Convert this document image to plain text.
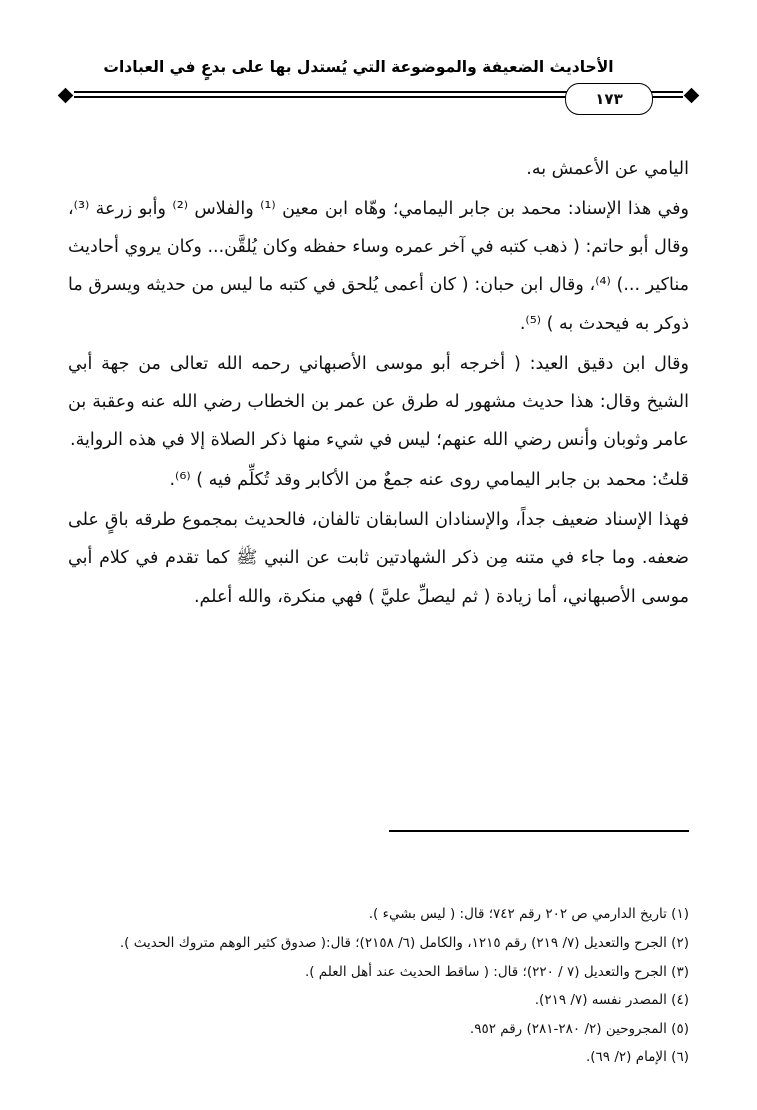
الأحاديث الضعيفة والموضوعة التي يُستدل بها على بدعٍ في العبادات
١٧٣

اليامي عن الأعمش به.

وفي هذا الإسناد: محمد بن جابر اليمامي؛ وهّاه ابن معين ⁽¹⁾ والفلاس ⁽²⁾ وأبو زرعة ⁽³⁾، وقال أبو حاتم: ( ذهب كتبه في آخر عمره وساء حفظه وكان يُلقَّن... وكان يروي أحاديث مناكير ...) ⁽⁴⁾، وقال ابن حبان: ( كان أعمى يُلحق في كتبه ما ليس من حديثه ويسرق ما ذوكر به فيحدث به ) ⁽⁵⁾.

وقال ابن دقيق العيد: ( أخرجه أبو موسى الأصبهاني رحمه الله تعالى من جهة أبي الشيخ وقال: هذا حديث مشهور له طرق عن عمر بن الخطاب رضي الله عنه وعقبة بن عامر وثوبان وأنس رضي الله عنهم؛ ليس في شيء منها ذكر الصلاة إلا في هذه الرواية.

قلتُ: محمد بن جابر اليمامي روى عنه جمعٌ من الأكابر وقد تُكلِّم فيه ) ⁽⁶⁾.

فهذا الإسناد ضعيف جداً، والإسنادان السابقان تالفان، فالحديث بمجموع طرقه باقٍ على ضعفه. وما جاء في متنه مِن ذكر الشهادتين ثابت عن النبي ﷺ كما تقدم في كلام أبي موسى الأصبهاني، أما زيادة ( ثم ليصلِّ عليَّ ) فهي منكرة، والله أعلم.

(١) تاريخ الدارمي ص ٢٠٢ رقم ٧٤٢؛ قال: ( ليس بشيء ).

(٢) الجرح والتعديل (٧/ ٢١٩) رقم ١٢١٥، والكامل (٦/ ٢١٥٨)؛ قال:( صدوق كثير الوهم متروك الحديث ).

(٣) الجرح والتعديل (٧ / ٢٢٠)؛ قال: ( ساقط الحديث عند أهل العلم ).

(٤) المصدر نفسه (٧/ ٢١٩).

(٥) المجروحين (٢/ ٢٨٠-٢٨١) رقم ٩٥٢.

(٦) الإمام (٢/ ٦٩).
